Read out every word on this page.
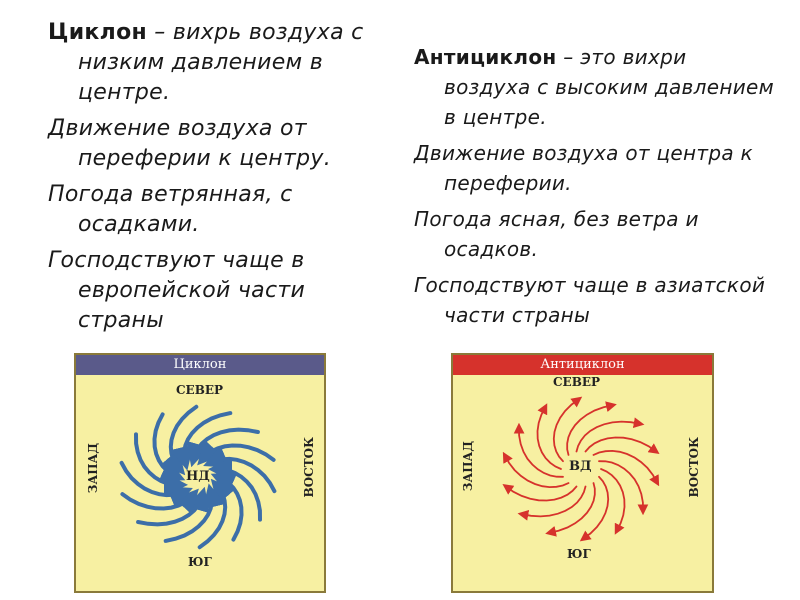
Циклон – вихрь воздуха с низким давлением в центре.

Движение воздуха от переферии к центру.

Погода ветрянная, с осадками.

Господствуют чаще в европейской части страны

Антициклон – это вихри воздуха с высоким давлением в центре.

Движение воздуха от центра к переферии.

Погода ясная, без ветра и осадков.

Господствуют чаще в азиатской части страны

Циклон
СЕВЕР
ЮГ
ЗАПАД	ВОСТОК
НД
Антициклон
СЕВЕР
ЮГ
ЗАПАД	ВОСТОК
ВД
